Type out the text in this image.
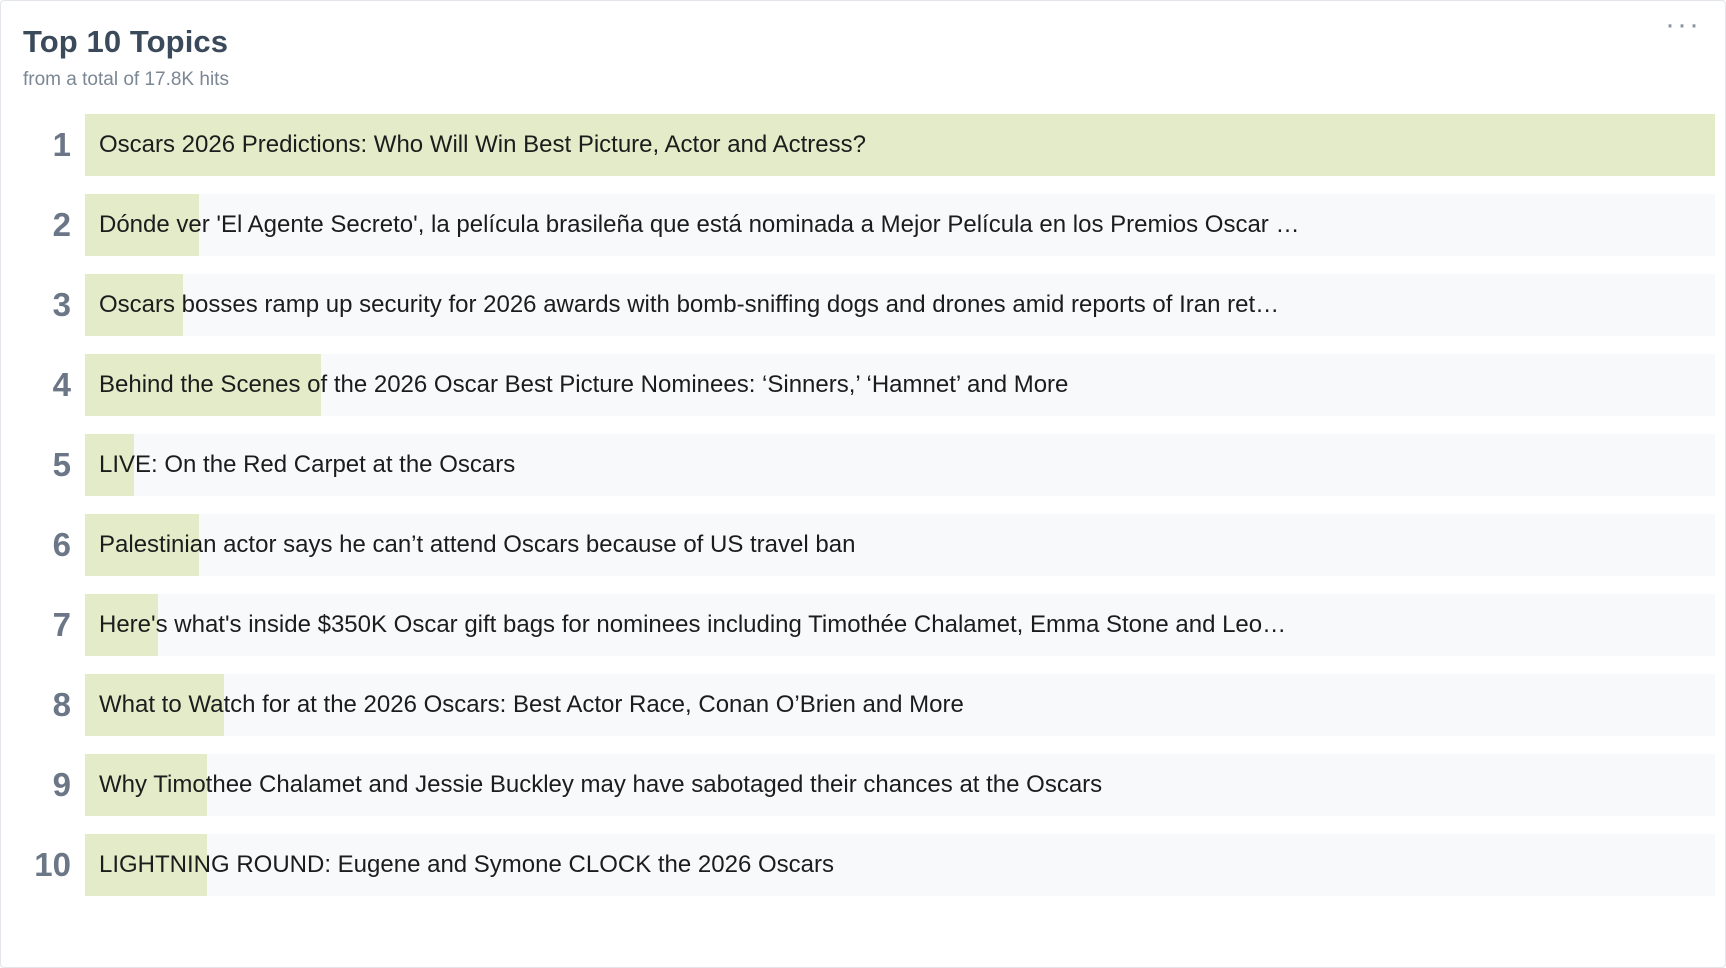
···
Top 10 Topics
from a total of 17.8K hits
1	Oscars 2026 Predictions: Who Will Win Best Picture, Actor and Actress?
2	Dónde ver 'El Agente Secreto', la película brasileña que está nominada a Mejor Película en los Premios Oscar …
3	Oscars bosses ramp up security for 2026 awards with bomb-sniffing dogs and drones amid reports of Iran ret…
4	Behind the Scenes of the 2026 Oscar Best Picture Nominees: ‘Sinners,’ ‘Hamnet’ and More
5	LIVE: On the Red Carpet at the Oscars
6	Palestinian actor says he can’t attend Oscars because of US travel ban
7	Here's what's inside $350K Oscar gift bags for nominees including Timothée Chalamet, Emma Stone and Leo…
8	What to Watch for at the 2026 Oscars: Best Actor Race, Conan O’Brien and More
9	Why Timothee Chalamet and Jessie Buckley may have sabotaged their chances at the Oscars
10	LIGHTNING ROUND: Eugene and Symone CLOCK the 2026 Oscars
